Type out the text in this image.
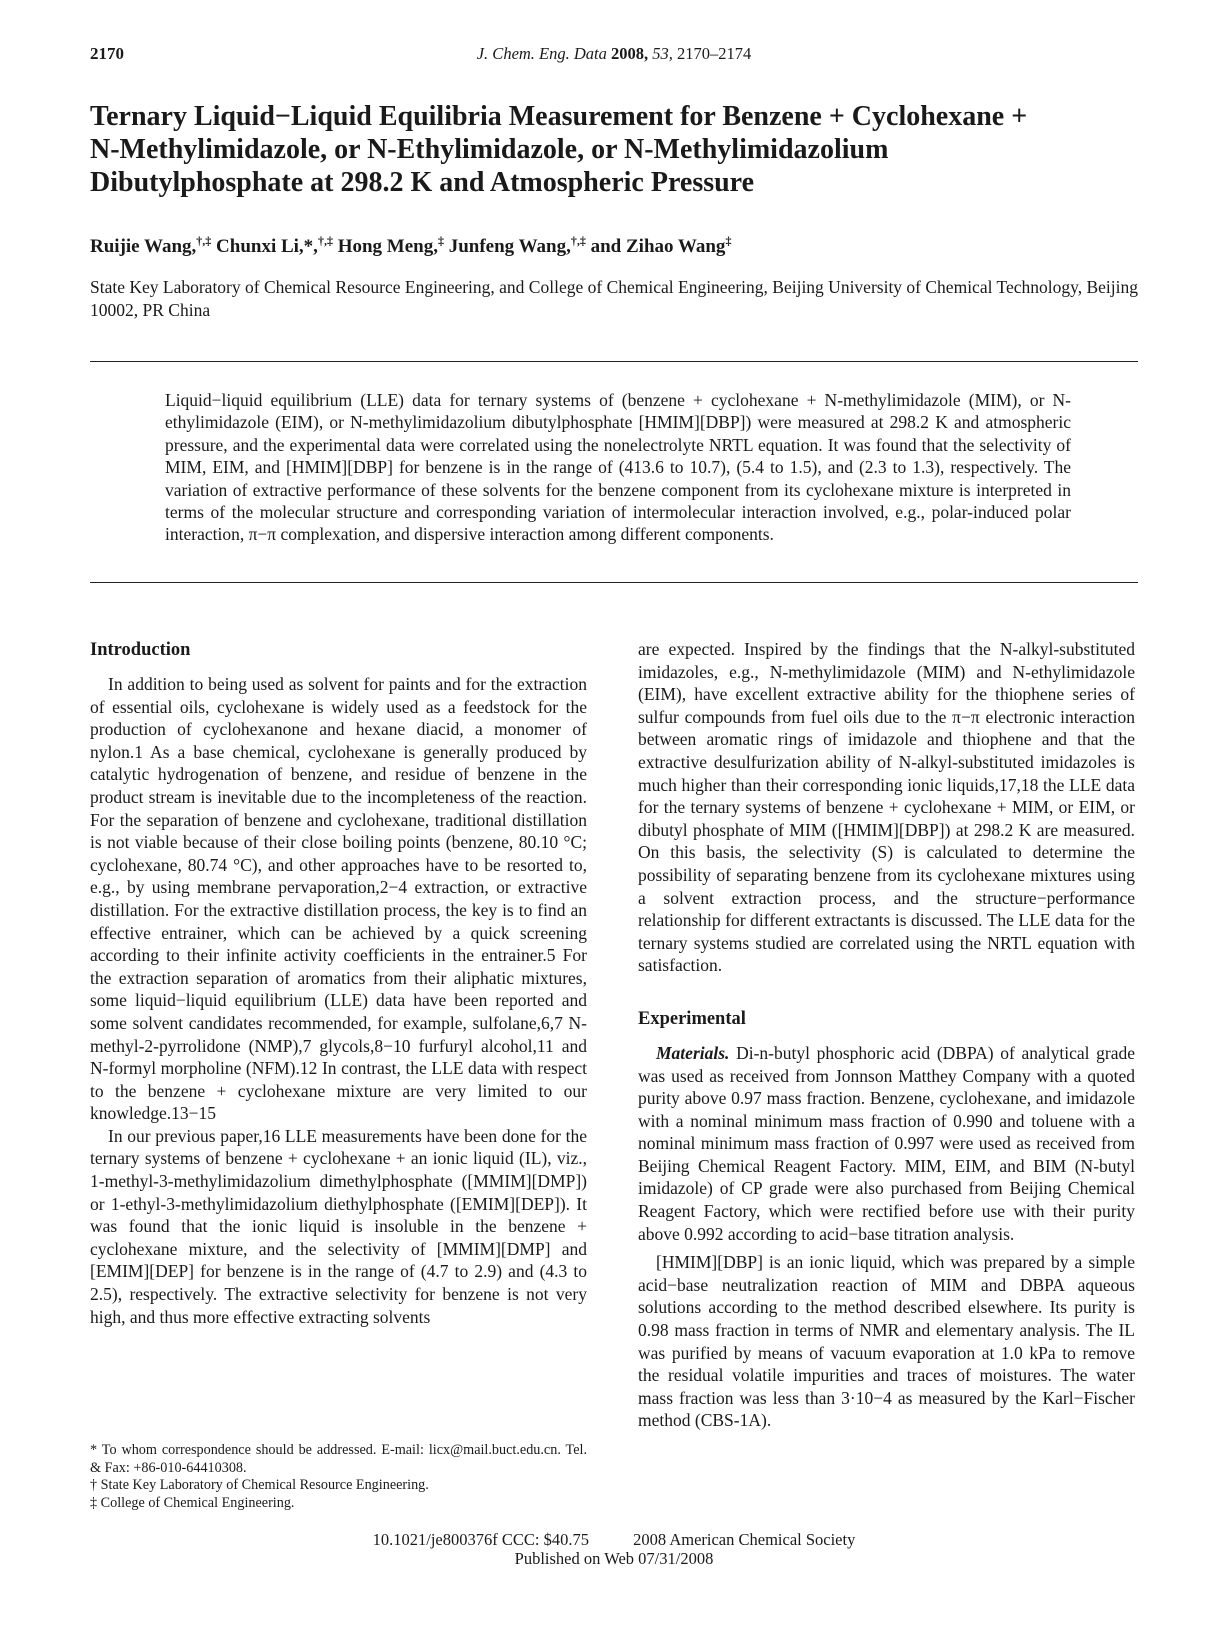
2170	J. Chem. Eng. Data 2008, 53, 2170–2174
Ternary Liquid−Liquid Equilibria Measurement for Benzene + Cyclohexane +
N-Methylimidazole, or N-Ethylimidazole, or N-Methylimidazolium
Dibutylphosphate at 298.2 K and Atmospheric Pressure
Ruijie Wang,†,‡ Chunxi Li,*,†,‡ Hong Meng,‡ Junfeng Wang,†,‡ and Zihao Wang‡
State Key Laboratory of Chemical Resource Engineering, and College of Chemical Engineering, Beijing University of Chemical Technology, Beijing 10002, PR China
Liquid−liquid equilibrium (LLE) data for ternary systems of (benzene + cyclohexane + N-methylimidazole (MIM), or N-ethylimidazole (EIM), or N-methylimidazolium dibutylphosphate [HMIM][DBP]) were measured at 298.2 K and atmospheric pressure, and the experimental data were correlated using the nonelectrolyte NRTL equation. It was found that the selectivity of MIM, EIM, and [HMIM][DBP] for benzene is in the range of (413.6 to 10.7), (5.4 to 1.5), and (2.3 to 1.3), respectively. The variation of extractive performance of these solvents for the benzene component from its cyclohexane mixture is interpreted in terms of the molecular structure and corresponding variation of intermolecular interaction involved, e.g., polar-induced polar interaction, π−π complexation, and dispersive interaction among different components.
Introduction

In addition to being used as solvent for paints and for the extraction of essential oils, cyclohexane is widely used as a feedstock for the production of cyclohexanone and hexane diacid, a monomer of nylon.1 As a base chemical, cyclohexane is generally produced by catalytic hydrogenation of benzene, and residue of benzene in the product stream is inevitable due to the incompleteness of the reaction. For the separation of benzene and cyclohexane, traditional distillation is not viable because of their close boiling points (benzene, 80.10 °C; cyclohexane, 80.74 °C), and other approaches have to be resorted to, e.g., by using membrane pervaporation,2−4 extraction, or extractive distillation. For the extractive distillation process, the key is to find an effective entrainer, which can be achieved by a quick screening according to their infinite activity coefficients in the entrainer.5 For the extraction separation of aromatics from their aliphatic mixtures, some liquid−liquid equilibrium (LLE) data have been reported and some solvent candidates recommended, for example, sulfolane,6,7 N-methyl-2-pyrrolidone (NMP),7 glycols,8−10 furfuryl alcohol,11 and N-formyl morpholine (NFM).12 In contrast, the LLE data with respect to the benzene + cyclohexane mixture are very limited to our knowledge.13−15

In our previous paper,16 LLE measurements have been done for the ternary systems of benzene + cyclohexane + an ionic liquid (IL), viz., 1-methyl-3-methylimidazolium dimethylphosphate ([MMIM][DMP]) or 1-ethyl-3-methylimidazolium diethylphosphate ([EMIM][DEP]). It was found that the ionic liquid is insoluble in the benzene + cyclohexane mixture, and the selectivity of [MMIM][DMP] and [EMIM][DEP] for benzene is in the range of (4.7 to 2.9) and (4.3 to 2.5), respectively. The extractive selectivity for benzene is not very high, and thus more effective extracting solvents

are expected. Inspired by the findings that the N-alkyl-substituted imidazoles, e.g., N-methylimidazole (MIM) and N-ethylimidazole (EIM), have excellent extractive ability for the thiophene series of sulfur compounds from fuel oils due to the π−π electronic interaction between aromatic rings of imidazole and thiophene and that the extractive desulfurization ability of N-alkyl-substituted imidazoles is much higher than their corresponding ionic liquids,17,18 the LLE data for the ternary systems of benzene + cyclohexane + MIM, or EIM, or dibutyl phosphate of MIM ([HMIM][DBP]) at 298.2 K are measured. On this basis, the selectivity (S) is calculated to determine the possibility of separating benzene from its cyclohexane mixtures using a solvent extraction process, and the structure−performance relationship for different extractants is discussed. The LLE data for the ternary systems studied are correlated using the NRTL equation with satisfaction.

Experimental

Materials. Di-n-butyl phosphoric acid (DBPA) of analytical grade was used as received from Jonnson Matthey Company with a quoted purity above 0.97 mass fraction. Benzene, cyclohexane, and imidazole with a nominal minimum mass fraction of 0.990 and toluene with a nominal minimum mass fraction of 0.997 were used as received from Beijing Chemical Reagent Factory. MIM, EIM, and BIM (N-butyl imidazole) of CP grade were also purchased from Beijing Chemical Reagent Factory, which were rectified before use with their purity above 0.992 according to acid−base titration analysis.

[HMIM][DBP] is an ionic liquid, which was prepared by a simple acid−base neutralization reaction of MIM and DBPA aqueous solutions according to the method described elsewhere. Its purity is 0.98 mass fraction in terms of NMR and elementary analysis. The IL was purified by means of vacuum evaporation at 1.0 kPa to remove the residual volatile impurities and traces of moistures. The water mass fraction was less than 3·10−4 as measured by the Karl−Fischer method (CBS-1A).

* To whom correspondence should be addressed. E-mail: licx@mail.buct.edu.cn. Tel. & Fax: +86-010-64410308.

† State Key Laboratory of Chemical Resource Engineering.

‡ College of Chemical Engineering.

10.1021/je800376f CCC: $40.75	2008 American Chemical Society
Published on Web 07/31/2008
